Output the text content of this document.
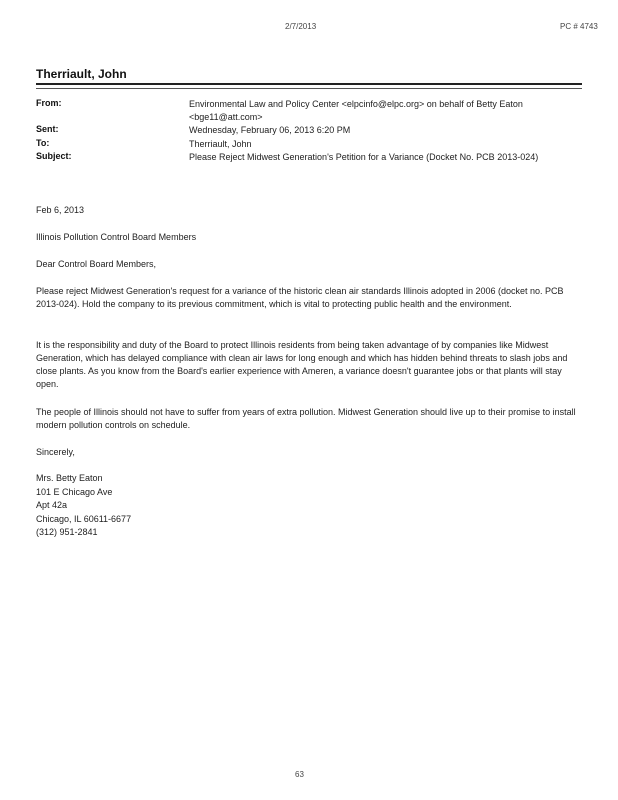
2/7/2013	PC # 4743
Therriault, John
From:	Environmental Law and Policy Center <elpcinfo@elpc.org> on behalf of Betty Eaton
<bge11@att.com>
Sent:	Wednesday, February 06, 2013 6:20 PM
To:	Therriault, John
Subject:	Please Reject Midwest Generation's Petition for a Variance (Docket No. PCB 2013-024)
Feb 6, 2013
Illinois Pollution Control Board Members
Dear Control Board Members,

Please reject Midwest Generation's request for a variance of the historic clean air standards Illinois adopted in 2006 (docket no. PCB 2013-024). Hold the company to its previous commitment, which is vital to protecting public health and the environment.

It is the responsibility and duty of the Board to protect Illinois residents from being taken advantage of by companies like Midwest Generation, which has delayed compliance with clean air laws for long enough and which has hidden behind threats to slash jobs and close plants. As you know from the Board's earlier experience with Ameren, a variance doesn't guarantee jobs or that plants will stay open.

The people of Illinois should not have to suffer from years of extra pollution. Midwest Generation should live up to their promise to install modern pollution controls on schedule.

Sincerely,
Mrs. Betty Eaton
101 E Chicago Ave
Apt 42a
Chicago, IL 60611-6677
(312) 951-2841
63
